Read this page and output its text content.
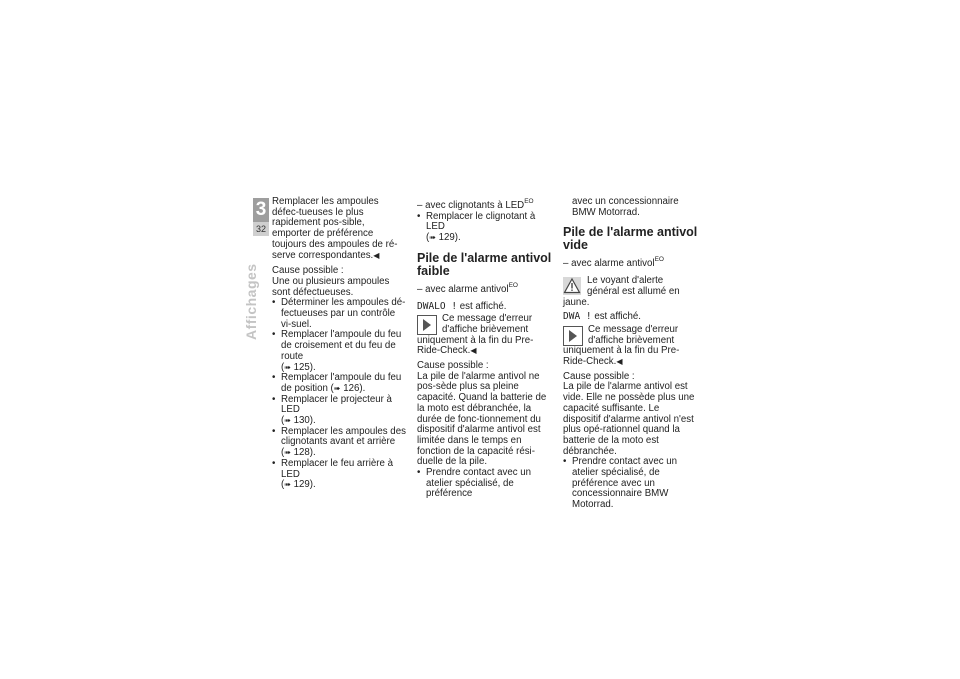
3
32
Affichages

Remplacer les ampoules défec-tueuses le plus rapidement pos-sible, emporter de préférence toujours des ampoules de ré-serve correspondantes.◀

Cause possible :

Une ou plusieurs ampoules sont défectueuses.

• Déterminer les ampoules dé-fectueuses par un contrôle vi-suel.
• Remplacer l'ampoule du feu de croisement et du feu de route
(➠ 125).
• Remplacer l'ampoule du feu de position (➠ 126).
• Remplacer le projecteur à LED
(➠ 130).
• Remplacer les ampoules des clignotants avant et arrière
(➠ 128).
• Remplacer le feu arrière à LED
(➠ 129).

– avec clignotants à $LED^{EO}$

• Remplacer le clignotant à LED
(➠ 129).
Pile de l'alarme antivol faible

– avec alarme antivol$^{EO}$

DWALO ! est affiché.

Ce message d'erreur d'affiche brièvement uniquement à la fin du Pre-Ride-Check.◀

Cause possible :

La pile de l'alarme antivol ne pos-sède plus sa pleine capacité. Quand la batterie de la moto est débranchée, la durée de fonc-tionnement du dispositif d'alarme antivol est limitée dans le temps en fonction de la capacité rési-duelle de la pile.

• Prendre contact avec un atelier spécialisé, de préférence

avec un concessionnaire BMW Motorrad.

Pile de l'alarme antivol vide

– avec alarme antivol$^{EO}$

Le voyant d'alerte général est allumé en jaune.

DWA ! est affiché.

Ce message d'erreur d'affiche brièvement uniquement à la fin du Pre-Ride-Check.◀

Cause possible :

La pile de l'alarme antivol est vide. Elle ne possède plus une capacité suffisante. Le dispositif d'alarme antivol n'est plus opé-rationnel quand la batterie de la moto est débranchée.

• Prendre contact avec un atelier spécialisé, de préférence avec un concessionnaire BMW Motorrad.
